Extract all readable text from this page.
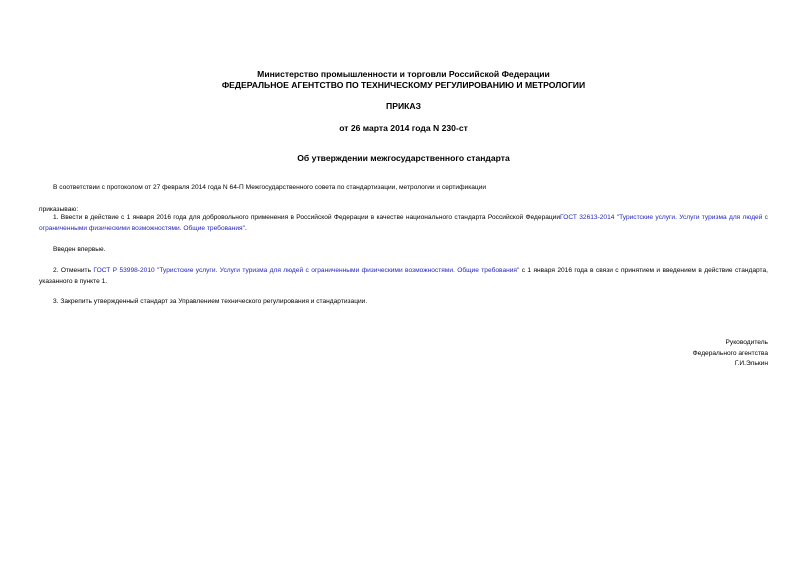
Министерство промышленности и торговли Российской Федерации
ФЕДЕРАЛЬНОЕ АГЕНТСТВО ПО ТЕХНИЧЕСКОМУ РЕГУЛИРОВАНИЮ И МЕТРОЛОГИИ
ПРИКАЗ
от 26 марта 2014 года N 230-ст
Об утверждении межгосударственного стандарта
В соответствии с протоколом от 27 февраля 2014 года N 64-П Межгосударственного совета по стандартизации, метрологии и сертификации
приказываю:
1. Ввести в действие с 1 января 2016 года для добровольного применения в Российской Федерации в качестве национального стандарта Российской ФедерацииГОСТ 32613-2014 "Туристские услуги. Услуги туризма для людей с ограниченными физическими возможностями. Общие требования".
Введен впервые.
2. Отменить ГОСТ Р 53998-2010 "Туристские услуги. Услуги туризма для людей с ограниченными физическими возможностями. Общие требования" с 1 января 2016 года в связи с принятием и введением в действие стандарта, указанного в пункте 1.
3. Закрепить утвержденный стандарт за Управлением технического регулирования и стандартизации.
Руководитель
Федерального агентства
Г.И.Элькин
